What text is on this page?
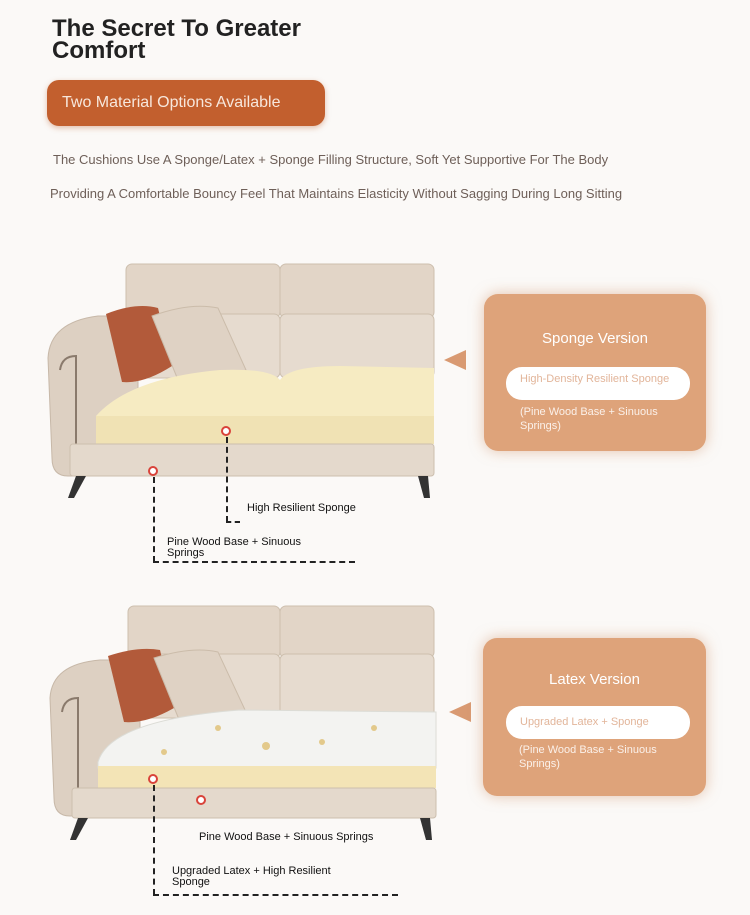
The Secret To Greater Comfort
Two Material Options Available
The Cushions Use A Sponge/Latex + Sponge Filling Structure, Soft Yet Supportive For The Body
Providing A Comfortable Bouncy Feel That Maintains Elasticity Without Sagging During Long Sitting
High Resilient Sponge
Pine Wood Base + Sinuous Springs
Sponge Version
High-Density Resilient Sponge
(Pine Wood Base + Sinuous Springs)
Upgraded Latex + High Resilient Sponge
Pine Wood Base + Sinuous Springs
Latex Version
Upgraded Latex + Sponge
(Pine Wood Base + Sinuous Springs)
